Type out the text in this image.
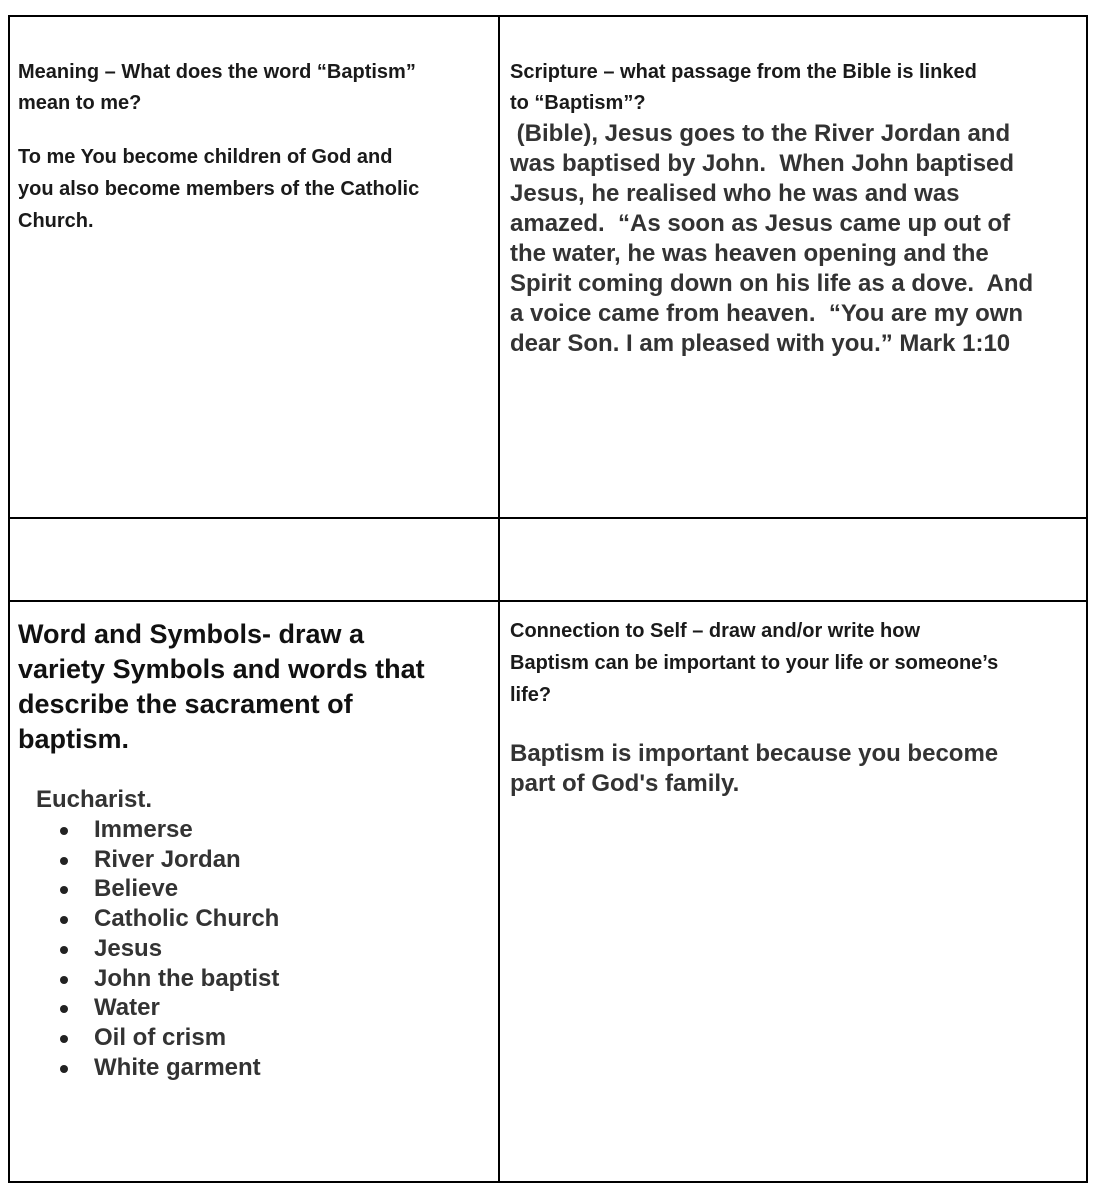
Meaning – What does the word “Baptism”

mean to me?

To me You become children of God and

you also become members of the Catholic

Church.

Scripture – what passage from the Bible is linked

to “Baptism”?

(Bible), Jesus goes to the River Jordan and

was baptised by John.  When John baptised

Jesus, he realised who he was and was

amazed.  “As soon as Jesus came up out of

the water, he was heaven opening and the

Spirit coming down on his life as a dove.  And

a voice came from heaven.  “You are my own

dear Son. I am pleased with you.” Mark 1:10

Word and Symbols- draw a

variety Symbols and words that

describe the sacrament of

baptism.

Eucharist.

Immerse
River Jordan
Believe
Catholic Church
Jesus
John the baptist
Water
Oil of crism
White garment

Connection to Self – draw and/or write how

Baptism can be important to your life or someone’s

life?

Baptism is important because you become

part of God's family.
